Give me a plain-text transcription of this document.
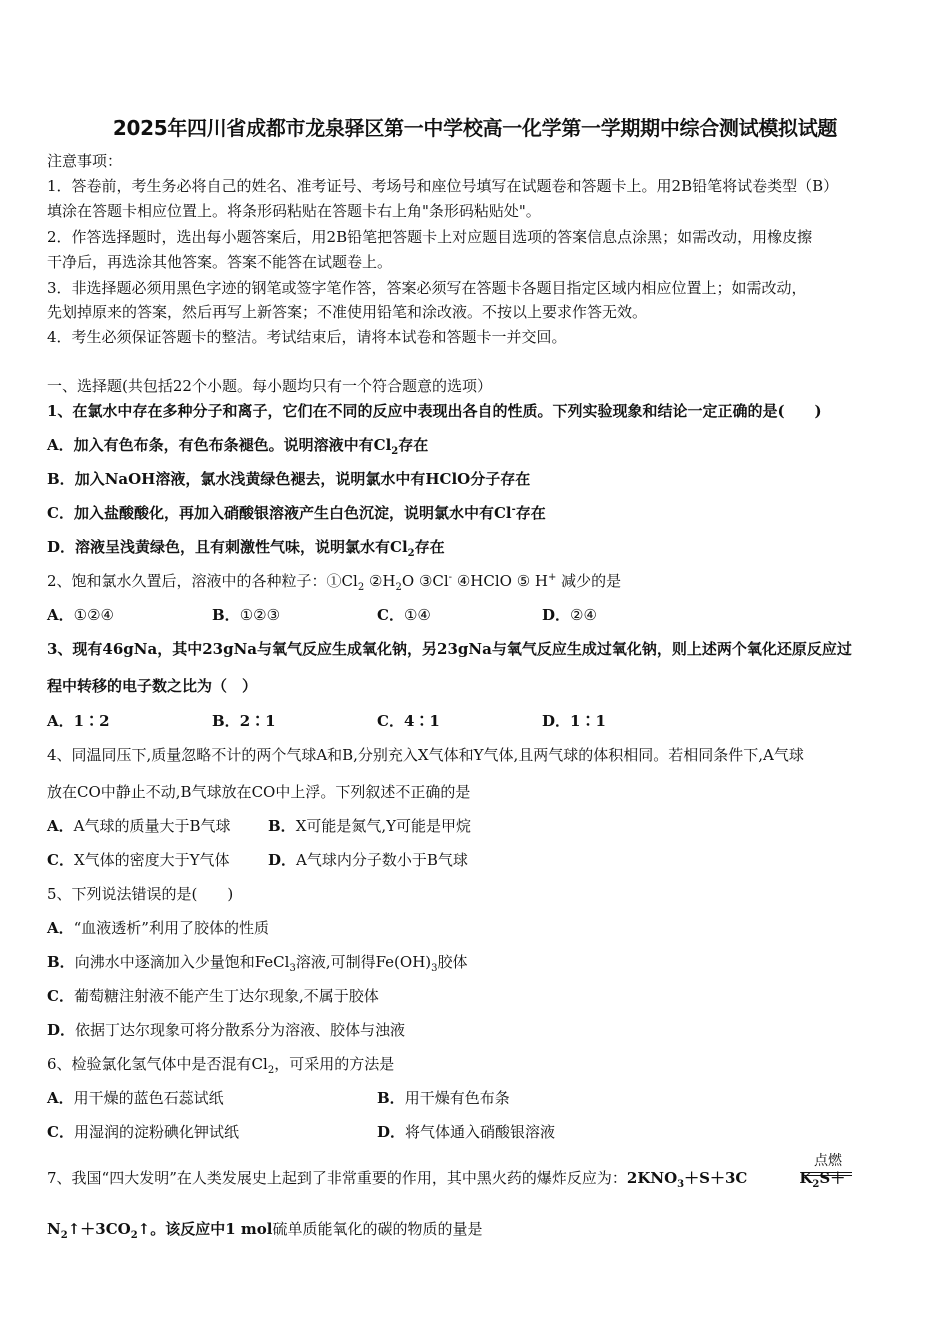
2025年四川省成都市龙泉驿区第一中学校高一化学第一学期期中综合测试模拟试题
注意事项：
1．答卷前，考生务必将自己的姓名、准考证号、考场号和座位号填写在试题卷和答题卡上。用2B铅笔将试卷类型（B）
填涂在答题卡相应位置上。将条形码粘贴在答题卡右上角"条形码粘贴处"。
2．作答选择题时，选出每小题答案后，用2B铅笔把答题卡上对应题目选项的答案信息点涂黑；如需改动，用橡皮擦
干净后，再选涂其他答案。答案不能答在试题卷上。
3．非选择题必须用黑色字迹的钢笔或签字笔作答，答案必须写在答题卡各题目指定区域内相应位置上；如需改动，
先划掉原来的答案，然后再写上新答案；不准使用铅笔和涂改液。不按以上要求作答无效。
4．考生必须保证答题卡的整洁。考试结束后，请将本试卷和答题卡一并交回。
一、选择题(共包括22个小题。每小题均只有一个符合题意的选项）
1、在氯水中存在多种分子和离子，它们在不同的反应中表现出各自的性质。下列实验现象和结论一定正确的是(　　)
A．加入有色布条，有色布条褪色。说明溶液中有$Cl_2$存在
B．加入NaOH溶液，氯水浅黄绿色褪去，说明氯水中有HClO分子存在
C．加入盐酸酸化，再加入硝酸银溶液产生白色沉淀，说明氯水中有Cl-存在
D．溶液呈浅黄绿色，且有刺激性气味，说明氯水有$Cl_2$存在
2、饱和氯水久置后，溶液中的各种粒子：$①Cl_2$ $②H_2O$ ③Cl- ④HClO ⑤ H+ 减少的是
A．①②④	B．①②③	C．①④	D．②④
3、现有46gNa，其中23gNa与氧气反应生成氧化钠，另23gNa与氧气反应生成过氧化钠，则上述两个氧化还原反应过
程中转移的电子数之比为（　）
A．1∶2	B．2∶1	C．4∶1	D．1∶1
4、同温同压下,质量忽略不计的两个气球A和B,分别充入X气体和Y气体,且两气球的体积相同。若相同条件下,A气球
放在CO中静止不动,B气球放在CO中上浮。下列叙述不正确的是
A．A气球的质量大于B气球	B．X可能是氮气,Y可能是甲烷
C．X气体的密度大于Y气体	D．A气球内分子数小于B气球
5、下列说法错误的是(　　)
A．“血液透析”利用了胶体的性质
B．向沸水中逐滴加入少量饱和FeCl$_3$溶液,可制得$Fe(OH)_3$胶体
C．葡萄糖注射液不能产生丁达尔现象,不属于胶体
D．依据丁达尔现象可将分散系分为溶液、胶体与浊液
6、检验氯化氢气体中是否混有$Cl_2$，可采用的方法是
A．用干燥的蓝色石蕊试纸	B．用干燥有色布条
C．用湿润的淀粉碘化钾试纸	D．将气体通入硝酸银溶液
7、我国“四大发明”在人类发展史上起到了非常重要的作用，其中黑火药的爆炸反应为：$2KNO_3+S+3C$	$K_2S+$
点燃
$N_2↑+3CO_2↑$。该反应中1 mol硫单质能氧化的碳的物质的量是
